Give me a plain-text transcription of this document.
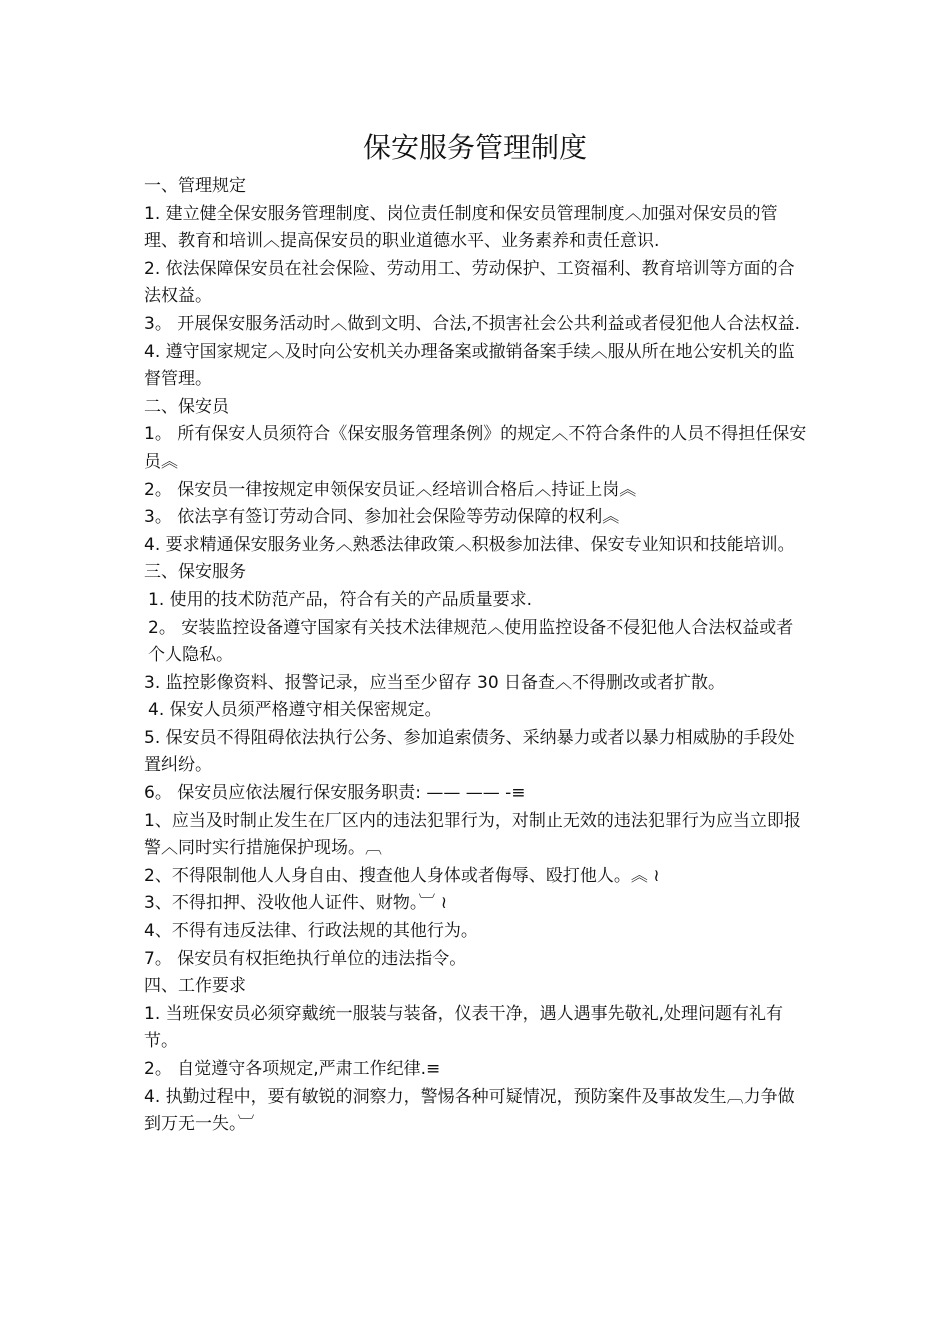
保安服务管理制度

一、管理规定

1. 建立健全保安服务管理制度、岗位责任制度和保安员管理制度︿加强对保安员的管理、教育和培训︿提高保安员的职业道德水平、业务素养和责任意识.

2. 依法保障保安员在社会保险、劳动用工、劳动保护、工资福利、教育培训等方面的合法权益。

3。 开展保安服务活动时︿做到文明、合法,不损害社会公共利益或者侵犯他人合法权益.

4. 遵守国家规定︿及时向公安机关办理备案或撤销备案手续︿服从所在地公安机关的监督管理。

二、保安员

1。 所有保安人员须符合《保安服务管理条例》的规定︿不符合条件的人员不得担任保安员︽

2。 保安员一律按规定申领保安员证︿经培训合格后︿持证上岗︽

3。 依法享有签订劳动合同、参加社会保险等劳动保障的权利︽

4. 要求精通保安服务业务︿熟悉法律政策︿积极参加法律、保安专业知识和技能培训。

三、保安服务

1. 使用的技术防范产品，符合有关的产品质量要求.

2。 安装监控设备遵守国家有关技术法律规范︿使用监控设备不侵犯他人合法权益或者个人隐私。

3. 监控影像资料、报警记录，应当至少留存 30 日备查︿不得删改或者扩散。

4. 保安人员须严格遵守相关保密规定。

5. 保安员不得阻碍依法执行公务、参加追索债务、采纳暴力或者以暴力相威胁的手段处置纠纷。

6。 保安员应依法履行保安服务职责: —— —— -≡

1、应当及时制止发生在厂区内的违法犯罪行为，对制止无效的违法犯罪行为应当立即报警︿同时实行措施保护现场。︹

2、不得限制他人人身自由、搜查他人身体或者侮辱、殴打他人。︽ ≀

3、不得扣押、没收他人证件、财物。︺ ≀

4、不得有违反法律、行政法规的其他行为。

7。 保安员有权拒绝执行单位的违法指令。

四、工作要求

1. 当班保安员必须穿戴统一服装与装备，仪表干净，遇人遇事先敬礼,处理问题有礼有节。

2。 自觉遵守各项规定,严肃工作纪律.≡

4. 执勤过程中，要有敏锐的洞察力，警惕各种可疑情况，预防案件及事故发生︹力争做到万无一失。︺
